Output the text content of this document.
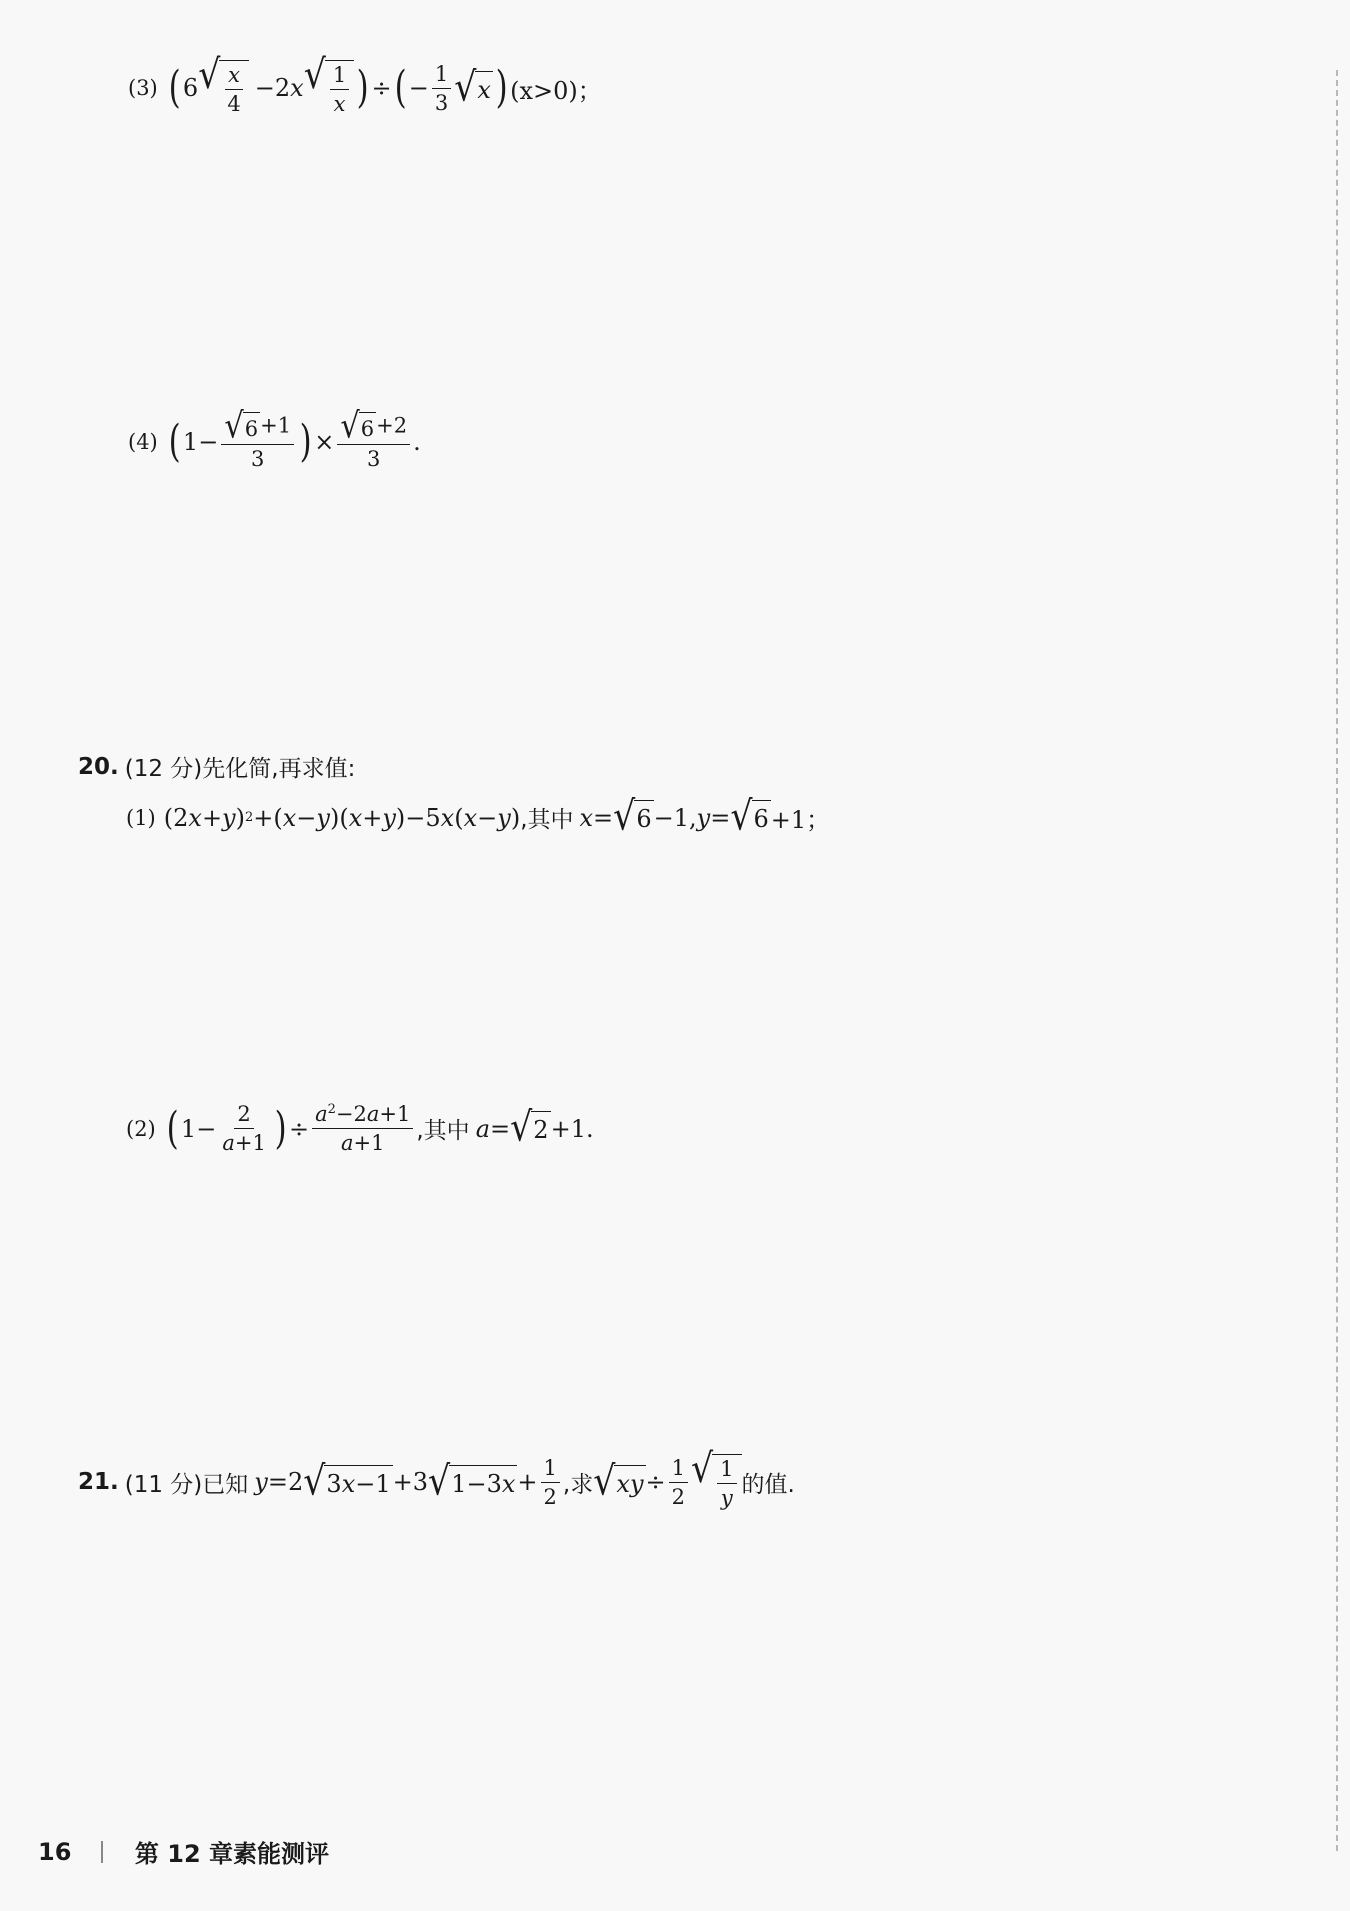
(3) ( 6 √ $\frac{x}{4} -2$ x √ $\frac{1}{x}$ ) ÷ ( − $\frac{1}{3}$ √ x ) (x>0)；
(4) ( $1- \frac{√ 6 +1}{3}$ ) × $\frac{√ 6 +2}{3}$ .
20. (12 分)先化简,再求值:
(1) (2 x + y ) 2 +( x − y )( x + y )−5 x ( x − y ) ,其中 x = √ 6 −1, y = √ 6 +1；
(2) ( $1- \frac{2}{a+1}$ ) ÷ $\frac{a^2-2a+1}{a+1}$ ,其中 a = √ 2 +1.
21. (11 分)已知 y =2 √ 3 x −1 +3 √ 1−3 $x + \frac{1}{2}$ ,求 √ xy ÷ $\frac{1}{2}$ √ $\frac{1}{y}$ 的值.
16	第 12 章素能测评
